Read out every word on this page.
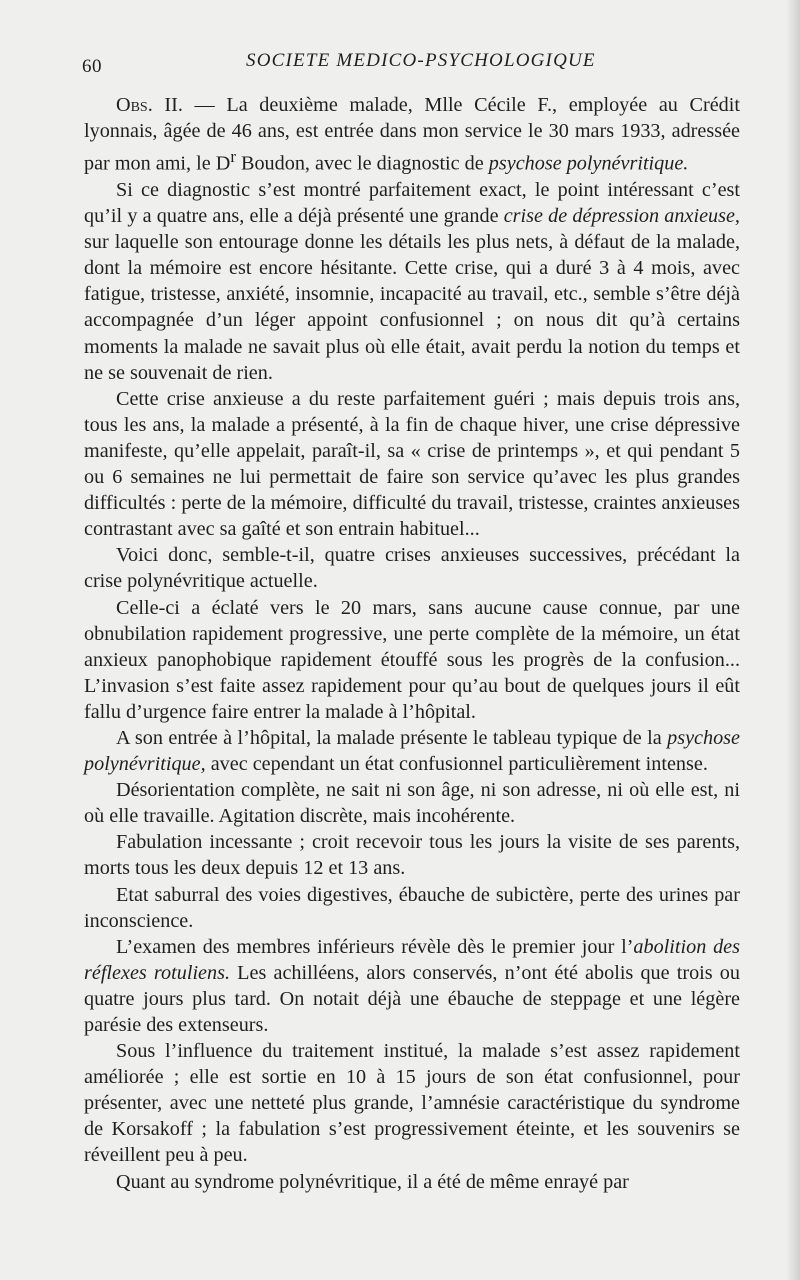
60	SOCIETE MEDICO-PSYCHOLOGIQUE

Obs. II. — La deuxième malade, Mlle Cécile F., employée au Crédit lyonnais, âgée de 46 ans, est entrée dans mon service le 30 mars 1933, adressée par mon ami, le $D^r$ Boudon, avec le diagnostic de psychose polynévritique.

Si ce diagnostic s’est montré parfaitement exact, le point intéressant c’est qu’il y a quatre ans, elle a déjà présenté une grande crise de dépression anxieuse, sur laquelle son entourage donne les détails les plus nets, à défaut de la malade, dont la mémoire est encore hésitante. Cette crise, qui a duré 3 à 4 mois, avec fatigue, tristesse, anxiété, insomnie, incapacité au travail, etc., semble s’être déjà accompagnée d’un léger appoint confusionnel ; on nous dit qu’à certains moments la malade ne savait plus où elle était, avait perdu la notion du temps et ne se souvenait de rien.

Cette crise anxieuse a du reste parfaitement guéri ; mais depuis trois ans, tous les ans, la malade a présenté, à la fin de chaque hiver, une crise dépressive manifeste, qu’elle appelait, paraît-il, sa « crise de printemps », et qui pendant 5 ou 6 semaines ne lui permettait de faire son service qu’avec les plus grandes difficultés : perte de la mémoire, difficulté du travail, tristesse, craintes anxieuses contrastant avec sa gaîté et son entrain habituel...

Voici donc, semble-t-il, quatre crises anxieuses successives, précédant la crise polynévritique actuelle.

Celle-ci a éclaté vers le 20 mars, sans aucune cause connue, par une obnubilation rapidement progressive, une perte complète de la mémoire, un état anxieux panophobique rapidement étouffé sous les progrès de la confusion... L’invasion s’est faite assez rapidement pour qu’au bout de quelques jours il eût fallu d’urgence faire entrer la malade à l’hôpital.

A son entrée à l’hôpital, la malade présente le tableau typique de la psychose polynévritique, avec cependant un état confusionnel particulièrement intense.

Désorientation complète, ne sait ni son âge, ni son adresse, ni où elle est, ni où elle travaille. Agitation discrète, mais incohérente.

Fabulation incessante ; croit recevoir tous les jours la visite de ses parents, morts tous les deux depuis 12 et 13 ans.

Etat saburral des voies digestives, ébauche de subictère, perte des urines par inconscience.

L’examen des membres inférieurs révèle dès le premier jour l’abolition des réflexes rotuliens. Les achilléens, alors conservés, n’ont été abolis que trois ou quatre jours plus tard. On notait déjà une ébauche de steppage et une légère parésie des extenseurs.

Sous l’influence du traitement institué, la malade s’est assez rapidement améliorée ; elle est sortie en 10 à 15 jours de son état confusionnel, pour présenter, avec une netteté plus grande, l’amnésie caractéristique du syndrome de Korsakoff ; la fabulation s’est progressivement éteinte, et les souvenirs se réveillent peu à peu.

Quant au syndrome polynévritique, il a été de même enrayé par
